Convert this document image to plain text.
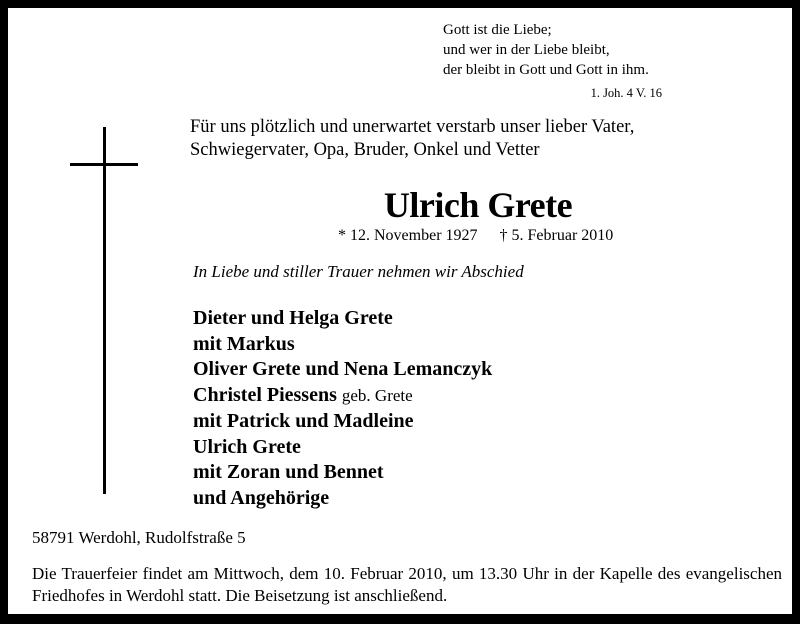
Gott ist die Liebe;
und wer in der Liebe bleibt,
der bleibt in Gott und Gott in ihm.
1. Joh. 4 V. 16
Für uns plötzlich und unerwartet verstarb unser lieber Vater,
Schwiegervater, Opa, Bruder, Onkel und Vetter
Ulrich Grete
* 12. November 1927 † 5. Februar 2010
In Liebe und stiller Trauer nehmen wir Abschied
Dieter und Helga Grete
mit Markus
Oliver Grete und Nena Lemanczyk
Christel Piessens geb. Grete
mit Patrick und Madleine
Ulrich Grete
mit Zoran und Bennet
und Angehörige
58791 Werdohl, Rudolfstraße 5
Die Trauerfeier findet am Mittwoch, dem 10. Februar 2010, um 13.30 Uhr in der Kapelle des evangelischen Friedhofes in Werdohl statt. Die Beisetzung ist anschließend.
